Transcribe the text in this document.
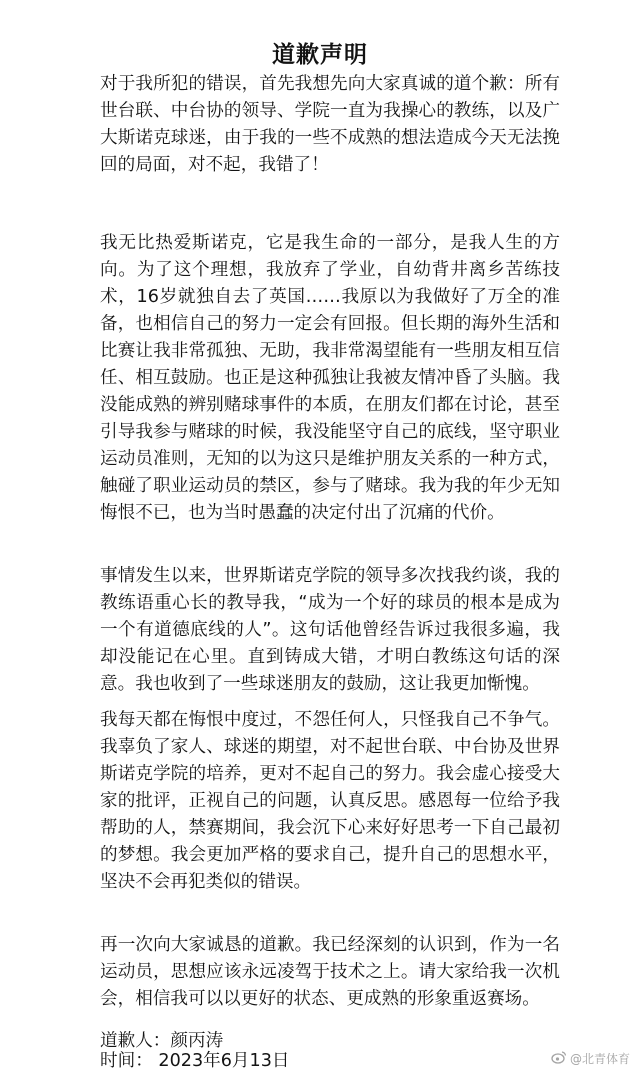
道歉声明

对于我所犯的错误，首先我想先向大家真诚的道个歉：所有世台联、中台协的领导、学院一直为我操心的教练，以及广大斯诺克球迷，由于我的一些不成熟的想法造成今天无法挽回的局面，对不起，我错了！

我无比热爱斯诺克，它是我生命的一部分，是我人生的方向。为了这个理想，我放弃了学业，自幼背井离乡苦练技术，16岁就独自去了英国……我原以为我做好了万全的准备，也相信自己的努力一定会有回报。但长期的海外生活和比赛让我非常孤独、无助，我非常渴望能有一些朋友相互信任、相互鼓励。也正是这种孤独让我被友情冲昏了头脑。我没能成熟的辨别赌球事件的本质，在朋友们都在讨论，甚至引导我参与赌球的时候，我没能坚守自己的底线，坚守职业运动员准则，无知的以为这只是维护朋友关系的一种方式，触碰了职业运动员的禁区，参与了赌球。我为我的年少无知悔恨不已，也为当时愚蠢的决定付出了沉痛的代价。

事情发生以来，世界斯诺克学院的领导多次找我约谈，我的教练语重心长的教导我，“成为一个好的球员的根本是成为一个有道德底线的人”。这句话他曾经告诉过我很多遍，我却没能记在心里。直到铸成大错，才明白教练这句话的深意。我也收到了一些球迷朋友的鼓励，这让我更加惭愧。

我每天都在悔恨中度过，不怨任何人，只怪我自己不争气。我辜负了家人、球迷的期望，对不起世台联、中台协及世界斯诺克学院的培养，更对不起自己的努力。我会虚心接受大家的批评，正视自己的问题，认真反思。感恩每一位给予我帮助的人，禁赛期间，我会沉下心来好好思考一下自己最初的梦想。我会更加严格的要求自己，提升自己的思想水平，坚决不会再犯类似的错误。

再一次向大家诚恳的道歉。我已经深刻的认识到，作为一名运动员，思想应该永远凌驾于技术之上。请大家给我一次机会，相信我可以以更好的状态、更成熟的形象重返赛场。

道歉人：颜丙涛
时间： 2023年6月13日	@北青体育
